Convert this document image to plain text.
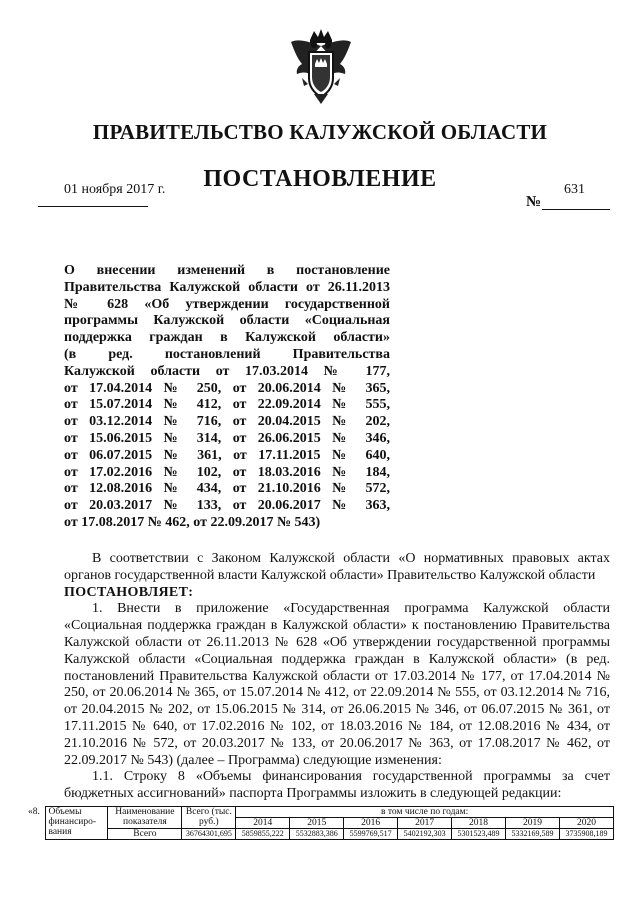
ПРАВИТЕЛЬСТВО КАЛУЖСКОЙ ОБЛАСТИ
ПОСТАНОВЛЕНИЕ
01 ноября 2017 г.	631
№

О внесении изменений в постановление

Правительства Калужской области от 26.11.2013

№ 628 «Об утверждении государственной

программы Калужской области «Социальная

поддержка граждан в Калужской области»

(в ред. постановлений Правительства

Калужской области от 17.03.2014 № 177,

от 17.04.2014 № 250, от 20.06.2014 № 365,

от 15.07.2014 № 412, от 22.09.2014 № 555,

от 03.12.2014 № 716, от 20.04.2015 № 202,

от 15.06.2015 № 314, от 26.06.2015 № 346,

от 06.07.2015 № 361, от 17.11.2015 № 640,

от 17.02.2016 № 102, от 18.03.2016 № 184,

от 12.08.2016 № 434, от 21.10.2016 № 572,

от 20.03.2017 № 133, от 20.06.2017 № 363,

от 17.08.2017 № 462, от 22.09.2017 № 543)

В соответствии с Законом Калужской области «О нормативных правовых актах органов государственной власти Калужской области» Правительство Калужской области
ПОСТАНОВЛЯЕТ:

1. Внести в приложение «Государственная программа Калужской области «Социальная поддержка граждан в Калужской области» к постановлению Правительства Калужской области от 26.11.2013 № 628 «Об утверждении государственной программы Калужской области «Социальная поддержка граждан в Калужской области» (в ред. постановлений Правительства Калужской области от 17.03.2014 № 177, от 17.04.2014 № 250, от 20.06.2014 № 365, от 15.07.2014 № 412, от 22.09.2014 № 555, от 03.12.2014 № 716, от 20.04.2015 № 202, от 15.06.2015 № 314, от 26.06.2015 № 346, от 06.07.2015 № 361, от 17.11.2015 № 640, от 17.02.2016 № 102, от 18.03.2016 № 184, от 12.08.2016 № 434, от 21.10.2016 № 572, от 20.03.2017 № 133, от 20.06.2017 № 363, от 17.08.2017 № 462, от 22.09.2017 № 543) (далее – Программа) следующие изменения:

1.1. Строку 8 «Объемы финансирования государственной программы за счет бюджетных ассигнований» паспорта Программы изложить в следующей редакции:

«8.	Объемы финансиро-вания	Наименование показателя	Всего (тыс. руб.)	в том числе по годам:						
				2014	2015	2016	2017	2018	2019	2020
		Всего	36764301,695	5859855,222	5532883,386	5599769,517	5402192,303	5301523,489	5332169,589	3735908,189
